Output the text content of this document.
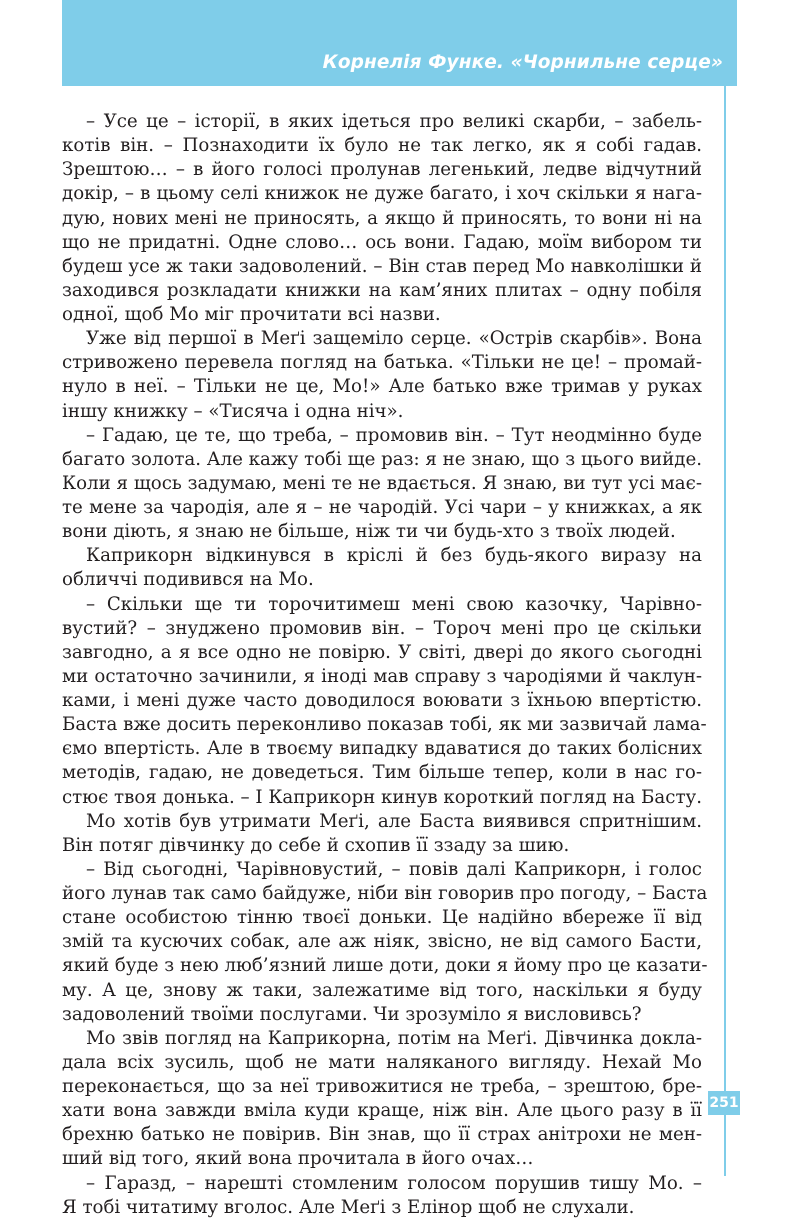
Корнелія Функе. «Чорнильне серце»
– Усе це – історії, в яких ідеться про великі скарби, – забель-
котів він. – Познаходити їх було не так легко, як я собі гадав.
Зрештою… – в його голосі пролунав легенький, ледве відчутний
докір, – в цьому селі книжок не дуже багато, і хоч скільки я нага-
дую, нових мені не приносять, а якщо й приносять, то вони ні на
що не придатні. Одне слово… ось вони. Гадаю, моїм вибором ти
будеш усе ж таки задоволений. – Він став перед Мо навколішки й
заходився розкладати книжки на кам’яних плитах – одну побіля
одної, щоб Мо міг прочитати всі назви.
Уже від першої в Меґі защеміло серце. «Острів скарбів». Вона
стривожено перевела погляд на батька. «Тільки не це! – промай-
нуло в неї. – Тільки не це, Мо!» Але батько вже тримав у руках
іншу книжку – «Тисяча і одна ніч».
– Гадаю, це те, що треба, – промовив він. – Тут неодмінно буде
багато золота. Але кажу тобі ще раз: я не знаю, що з цього вийде.
Коли я щось задумаю, мені те не вдається. Я знаю, ви тут усі має-
те мене за чародія, але я – не чародій. Усі чари – у книжках, а як
вони діють, я знаю не більше, ніж ти чи будь-хто з твоїх людей.
Каприкорн відкинувся в кріслі й без будь-якого виразу на
обличчі подивився на Мо.
– Скільки ще ти торочитимеш мені свою казочку, Чарівно-
вустий? – знуджено промовив він. – Тороч мені про це скільки
завгодно, а я все одно не повірю. У світі, двері до якого сьогодні
ми остаточно зачинили, я іноді мав справу з чародіями й чаклун-
ками, і мені дуже часто доводилося воювати з їхньою впертістю.
Баста вже досить переконливо показав тобі, як ми зазвичай лама-
ємо впертість. Але в твоєму випадку вдаватися до таких болісних
методів, гадаю, не доведеться. Тим більше тепер, коли в нас го-
стює твоя донька. – І Каприкорн кинув короткий погляд на Басту.
Мо хотів був утримати Меґі, але Баста виявився спритнішим.
Він потяг дівчинку до себе й схопив її ззаду за шию.
– Від сьогодні, Чарівновустий, – повів далі Каприкорн, і голос
його лунав так само байдуже, ніби він говорив про погоду, – Баста
стане особистою тінню твоєї доньки. Це надійно вбереже її від
змій та кусючих собак, але аж ніяк, звісно, не від самого Басти,
який буде з нею люб’язний лише доти, доки я йому про це казати-
му. А це, знову ж таки, залежатиме від того, наскільки я буду
задоволений твоїми послугами. Чи зрозуміло я висловивсь?
Мо звів погляд на Каприкорна, потім на Меґі. Дівчинка докла-
дала всіх зусиль, щоб не мати наляканого вигляду. Нехай Мо
переконається, що за неї тривожитися не треба, – зрештою, бре-
хати вона завжди вміла куди краще, ніж він. Але цього разу в її
брехню батько не повірив. Він знав, що її страх анітрохи не мен-
ший від того, який вона прочитала в його очах…
– Гаразд, – нарешті стомленим голосом порушив тишу Мо. –
Я тобі читатиму вголос. Але Меґі з Елінор щоб не слухали.
251
